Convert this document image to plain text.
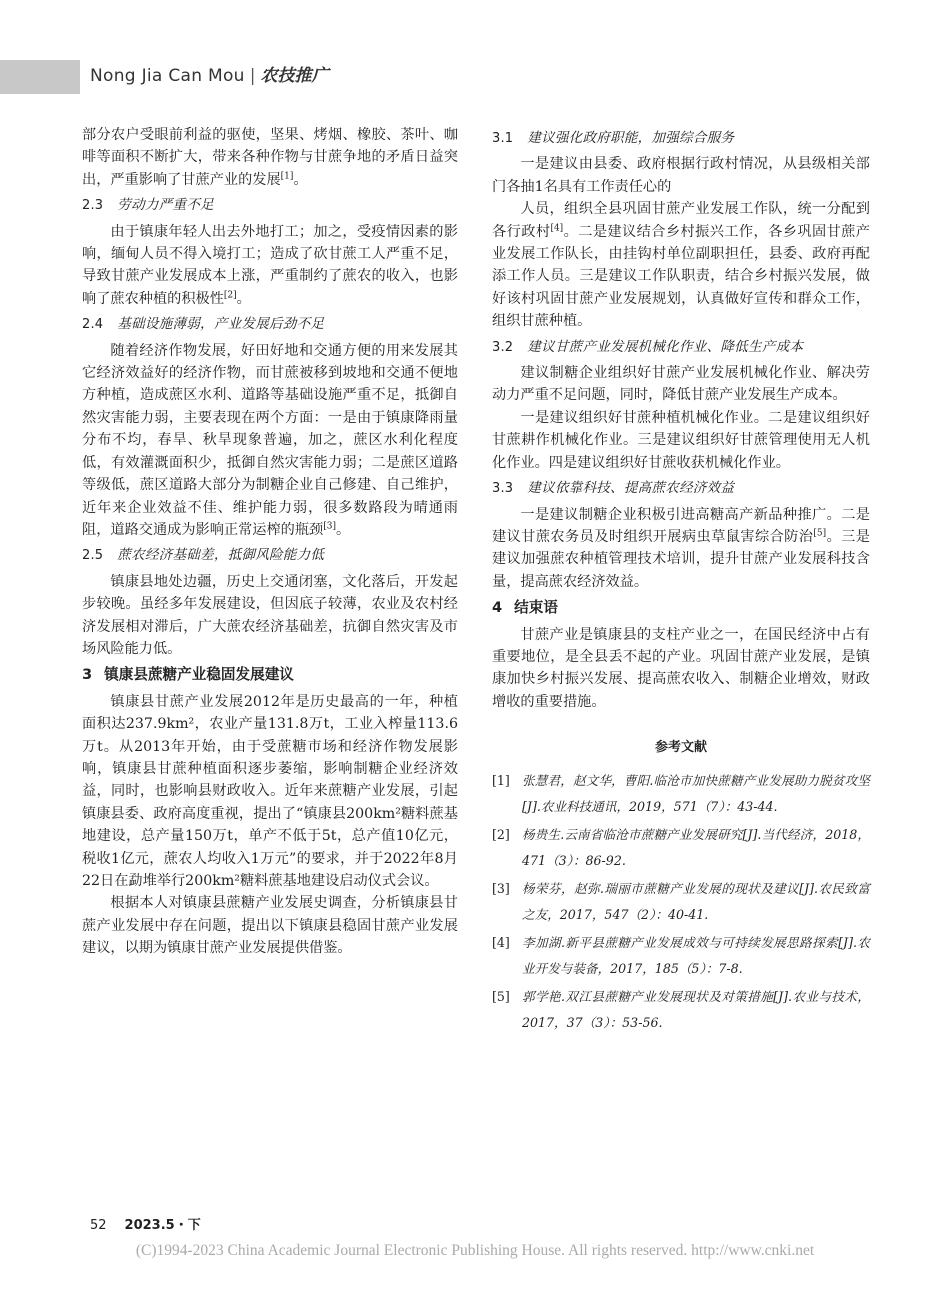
Nong Jia Can Mou | 农技推广

部分农户受眼前利益的驱使，坚果、烤烟、橡胶、茶叶、咖啡等面积不断扩大，带来各种作物与甘蔗争地的矛盾日益突出，严重影响了甘蔗产业的发展[1]。

2.3 劳动力严重不足

由于镇康年轻人出去外地打工；加之，受疫情因素的影响，缅甸人员不得入境打工；造成了砍甘蔗工人严重不足，导致甘蔗产业发展成本上涨，严重制约了蔗农的收入，也影响了蔗农种植的积极性[2]。

2.4 基础设施薄弱，产业发展后劲不足

随着经济作物发展，好田好地和交通方便的用来发展其它经济效益好的经济作物，而甘蔗被移到坡地和交通不便地方种植，造成蔗区水利、道路等基础设施严重不足，抵御自然灾害能力弱，主要表现在两个方面：一是由于镇康降雨量分布不均，春旱、秋旱现象普遍，加之，蔗区水利化程度低，有效灌溉面积少，抵御自然灾害能力弱；二是蔗区道路等级低，蔗区道路大部分为制糖企业自己修建、自己维护，近年来企业效益不佳、维护能力弱，很多数路段为晴通雨阻，道路交通成为影响正常运榨的瓶颈[3]。

2.5 蔗农经济基础差，抵御风险能力低

镇康县地处边疆，历史上交通闭塞，文化落后，开发起步较晚。虽经多年发展建设，但因底子较薄，农业及农村经济发展相对滞后，广大蔗农经济基础差，抗御自然灾害及市场风险能力低。

3 镇康县蔗糖产业稳固发展建议

镇康县甘蔗产业发展2012年是历史最高的一年，种植面积达237.9km²，农业产量131.8万t，工业入榨量113.6万t。从2013年开始，由于受蔗糖市场和经济作物发展影响，镇康县甘蔗种植面积逐步萎缩，影响制糖企业经济效益，同时，也影响县财政收入。近年来蔗糖产业发展，引起镇康县委、政府高度重视，提出了“镇康县200km²糖料蔗基地建设，总产量150万t，单产不低于5t，总产值10亿元，税收1亿元，蔗农人均收入1万元”的要求，并于2022年8月22日在勐堆举行200km²糖料蔗基地建设启动仪式会议。

根据本人对镇康县蔗糖产业发展史调查，分析镇康县甘蔗产业发展中存在问题，提出以下镇康县稳固甘蔗产业发展建议，以期为镇康甘蔗产业发展提供借鉴。

3.1 建议强化政府职能，加强综合服务

一是建议由县委、政府根据行政村情况，从县级相关部门各抽1名具有工作责任心的

人员，组织全县巩固甘蔗产业发展工作队，统一分配到各行政村[4]。二是建议结合乡村振兴工作，各乡巩固甘蔗产业发展工作队长，由挂钩村单位副职担任，县委、政府再配添工作人员。三是建议工作队职责，结合乡村振兴发展，做好该村巩固甘蔗产业发展规划，认真做好宣传和群众工作，组织甘蔗种植。

3.2 建议甘蔗产业发展机械化作业、降低生产成本

建议制糖企业组织好甘蔗产业发展机械化作业、解决劳动力严重不足问题，同时，降低甘蔗产业发展生产成本。

一是建议组织好甘蔗种植机械化作业。二是建议组织好甘蔗耕作机械化作业。三是建议组织好甘蔗管理使用无人机化作业。四是建议组织好甘蔗收获机械化作业。

3.3 建议依靠科技、提高蔗农经济效益

一是建议制糖企业积极引进高糖高产新品种推广。二是建议甘蔗农务员及时组织开展病虫草鼠害综合防治[5]。三是建议加强蔗农种植管理技术培训，提升甘蔗产业发展科技含量，提高蔗农经济效益。

4 结束语

甘蔗产业是镇康县的支柱产业之一，在国民经济中占有重要地位，是全县丢不起的产业。巩固甘蔗产业发展，是镇康加快乡村振兴发展、提高蔗农收入、制糖企业增效，财政增收的重要措施。

参考文献
[1] 张慧君，赵文华，曹阳.临沧市加快蔗糖产业发展助力脱贫攻坚[J].农业科技通讯，2019，571（7）：43-44.
[2] 杨贵生.云南省临沧市蔗糖产业发展研究[J].当代经济，2018，471（3）：86-92.
[3] 杨荣芬，赵弥.瑞丽市蔗糖产业发展的现状及建议[J].农民致富之友，2017，547（2）：40-41.
[4] 李加湖.新平县蔗糖产业发展成效与可持续发展思路探索[J].农业开发与装备，2017，185（5）：7-8.
[5] 郭学艳.双江县蔗糖产业发展现状及对策措施[J].农业与技术，2017，37（3）：53-56.
52 2023.5・下
(C)1994-2023 China Academic Journal Electronic Publishing House. All rights reserved. http://www.cnki.net
